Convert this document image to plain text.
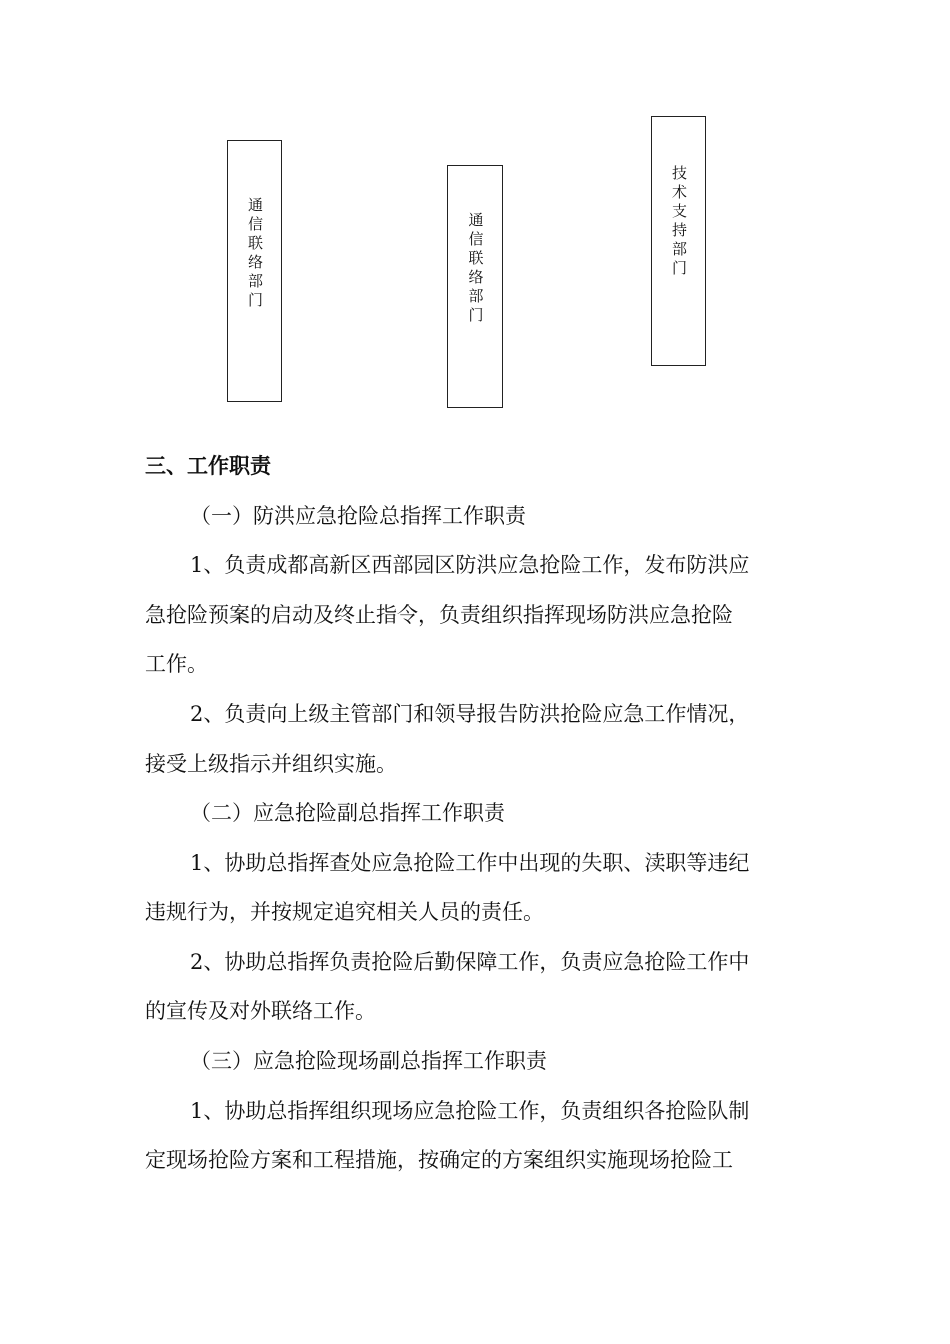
通信联络部门	通信联络部门	技术支持部门
三、工作职责
（一）防洪应急抢险总指挥工作职责
1、负责成都高新区西部园区防洪应急抢险工作，发布防洪应
急抢险预案的启动及终止指令，负责组织指挥现场防洪应急抢险
工作。
2、负责向上级主管部门和领导报告防洪抢险应急工作情况，
接受上级指示并组织实施。
（二）应急抢险副总指挥工作职责
1、协助总指挥查处应急抢险工作中出现的失职、渎职等违纪
违规行为，并按规定追究相关人员的责任。
2、协助总指挥负责抢险后勤保障工作，负责应急抢险工作中
的宣传及对外联络工作。
（三）应急抢险现场副总指挥工作职责
1、协助总指挥组织现场应急抢险工作，负责组织各抢险队制
定现场抢险方案和工程措施，按确定的方案组织实施现场抢险工
